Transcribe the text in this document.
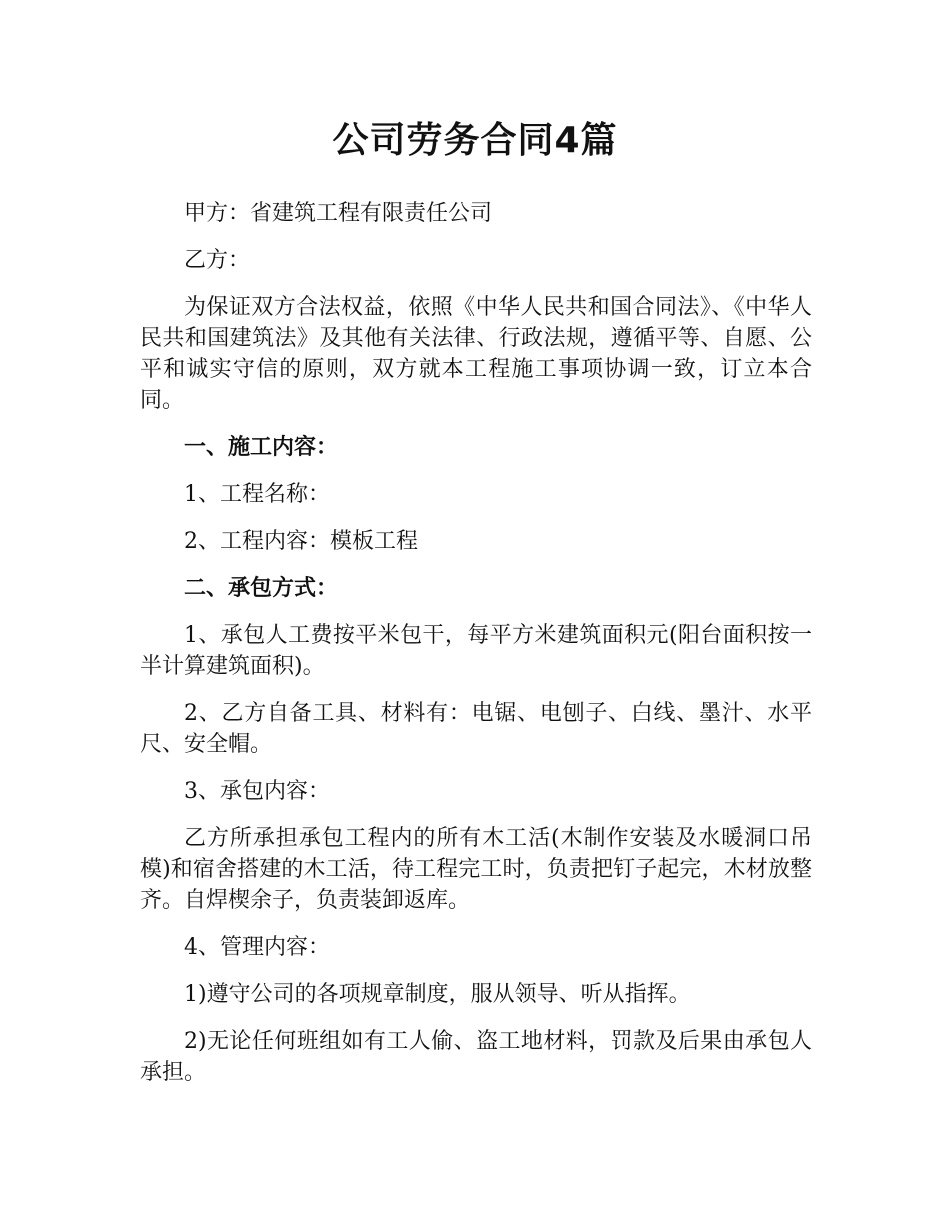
公司劳务合同4篇

甲方：省建筑工程有限责任公司

乙方：

为保证双方合法权益，依照《中华人民共和国合同法》、《中华人民共和国建筑法》及其他有关法律、行政法规，遵循平等、自愿、公平和诚实守信的原则，双方就本工程施工事项协调一致，订立本合同。

一、施工内容：

1、工程名称：

2、工程内容：模板工程

二、承包方式：

1、承包人工费按平米包干，每平方米建筑面积元(阳台面积按一半计算建筑面积)。

2、乙方自备工具、材料有：电锯、电刨子、白线、墨汁、水平尺、安全帽。

3、承包内容：

乙方所承担承包工程内的所有木工活(木制作安装及水暖洞口吊模)和宿舍搭建的木工活，待工程完工时，负责把钉子起完，木材放整齐。自焊楔余子，负责装卸返库。

4、管理内容：

1)遵守公司的各项规章制度，服从领导、听从指挥。

2)无论任何班组如有工人偷、盗工地材料，罚款及后果由承包人承担。
